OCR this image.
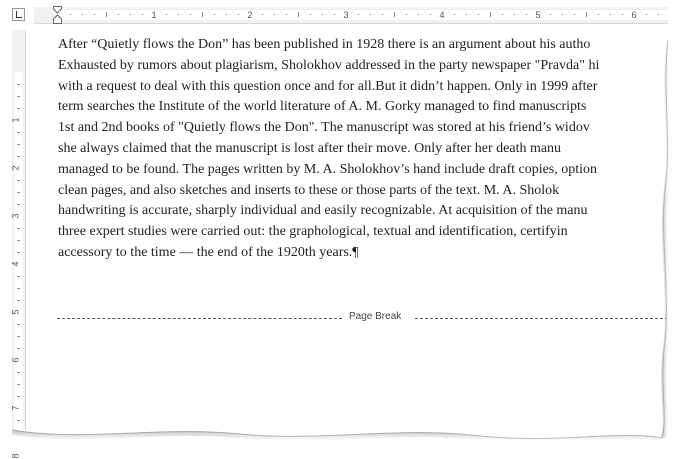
1	2	3	4	5	6
1
2
3
4
5
6
7
8
After “Quietly flows the Don” has been published in 1928 there is an argument about his autho
Exhausted by rumors about plagiarism, Sholokhov addressed in the party newspaper "Pravda" hi
with a request to deal with this question once and for all.But it didn’t happen. Only in 1999 after
term searches the Institute of the world literature of A. M. Gorky managed to find manuscripts
1st and 2nd books of "Quietly flows the Don". The manuscript was stored at his friend’s widov
she always claimed that the manuscript is lost after their move. Only after her death manu
managed to be found. The pages written by M. A. Sholokhov’s hand include draft copies, option
clean pages, and also sketches and inserts to these or those parts of the text. M. A. Sholok
handwriting is accurate, sharply individual and easily recognizable. At acquisition of the manu
three expert studies were carried out: the graphological, textual and identification, certifyin
accessory to the time — the end of the 1920th years.¶
Page Break
